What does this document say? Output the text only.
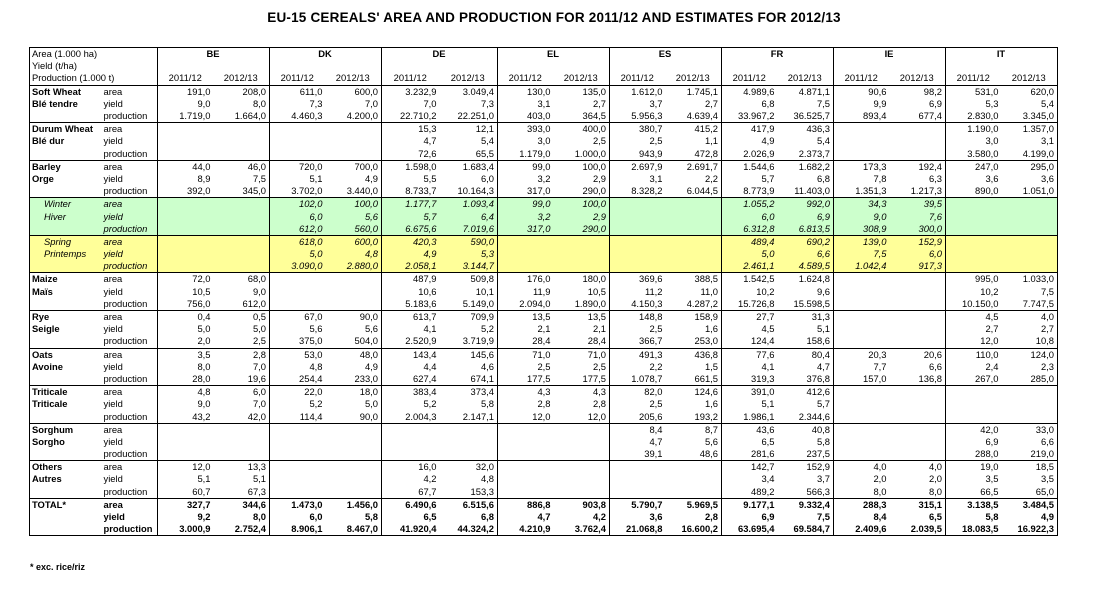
EU-15 CEREALS' AREA AND PRODUCTION FOR 2011/12 AND ESTIMATES FOR 2012/13
Area (1.000 ha)		BE		DK		DE		EL		ES		FR		IE		IT	
Yield (t/ha)																	
Production (1.000 t)		2011/12	2012/13	2011/12	2012/13	2011/12	2012/13	2011/12	2012/13	2011/12	2012/13	2011/12	2012/13	2011/12	2012/13	2011/12	2012/13
Soft Wheat	area	191,0	208,0	611,0	600,0	3.232,9	3.049,4	130,0	135,0	1.612,0	1.745,1	4.989,6	4.871,1	90,6	98,2	531,0	620,0
Blé tendre	yield	9,0	8,0	7,3	7,0	7,0	7,3	3,1	2,7	3,7	2,7	6,8	7,5	9,9	6,9	5,3	5,4
	production	1.719,0	1.664,0	4.460,3	4.200,0	22.710,2	22.251,0	403,0	364,5	5.956,3	4.639,4	33.967,2	36.525,7	893,4	677,4	2.830,0	3.345,0
Durum Wheat	area					15,3	12,1	393,0	400,0	380,7	415,2	417,9	436,3			1.190,0	1.357,0
Blé dur	yield					4,7	5,4	3,0	2,5	2,5	1,1	4,9	5,4			3,0	3,1
	production					72,6	65,5	1.179,0	1.000,0	943,9	472,8	2.026,9	2.373,7			3.580,0	4.199,0
Barley	area	44,0	46,0	720,0	700,0	1.598,0	1.683,4	99,0	100,0	2.697,9	2.691,7	1.544,6	1.682,2	173,3	192,4	247,0	295,0
Orge	yield	8,9	7,5	5,1	4,9	5,5	6,0	3,2	2,9	3,1	2,2	5,7	6,8	7,8	6,3	3,6	3,6
	production	392,0	345,0	3.702,0	3.440,0	8.733,7	10.164,3	317,0	290,0	8.328,2	6.044,5	8.773,9	11.403,0	1.351,3	1.217,3	890,0	1.051,0
Winter	area			102,0	100,0	1.177,7	1.093,4	99,0	100,0			1.055,2	992,0	34,3	39,5		
Hiver	yield			6,0	5,6	5,7	6,4	3,2	2,9			6,0	6,9	9,0	7,6		
	production			612,0	560,0	6.675,6	7.019,6	317,0	290,0			6.312,8	6.813,5	308,9	300,0		
Spring	area			618,0	600,0	420,3	590,0					489,4	690,2	139,0	152,9		
Printemps	yield			5,0	4,8	4,9	5,3					5,0	6,6	7,5	6,0		
	production			3.090,0	2.880,0	2.058,1	3.144,7					2.461,1	4.589,5	1.042,4	917,3		
Maize	area	72,0	68,0			487,9	509,8	176,0	180,0	369,6	388,5	1.542,5	1.624,8			995,0	1.033,0
Maïs	yield	10,5	9,0			10,6	10,1	11,9	10,5	11,2	11,0	10,2	9,6			10,2	7,5
	production	756,0	612,0			5.183,6	5.149,0	2.094,0	1.890,0	4.150,3	4.287,2	15.726,8	15.598,5			10.150,0	7.747,5
Rye	area	0,4	0,5	67,0	90,0	613,7	709,9	13,5	13,5	148,8	158,9	27,7	31,3			4,5	4,0
Seigle	yield	5,0	5,0	5,6	5,6	4,1	5,2	2,1	2,1	2,5	1,6	4,5	5,1			2,7	2,7
	production	2,0	2,5	375,0	504,0	2.520,9	3.719,9	28,4	28,4	366,7	253,0	124,4	158,6			12,0	10,8
Oats	area	3,5	2,8	53,0	48,0	143,4	145,6	71,0	71,0	491,3	436,8	77,6	80,4	20,3	20,6	110,0	124,0
Avoine	yield	8,0	7,0	4,8	4,9	4,4	4,6	2,5	2,5	2,2	1,5	4,1	4,7	7,7	6,6	2,4	2,3
	production	28,0	19,6	254,4	233,0	627,4	674,1	177,5	177,5	1.078,7	661,5	319,3	376,8	157,0	136,8	267,0	285,0
Triticale	area	4,8	6,0	22,0	18,0	383,4	373,4	4,3	4,3	82,0	124,6	391,0	412,6				
Triticale	yield	9,0	7,0	5,2	5,0	5,2	5,8	2,8	2,8	2,5	1,6	5,1	5,7				
	production	43,2	42,0	114,4	90,0	2.004,3	2.147,1	12,0	12,0	205,6	193,2	1.986,1	2.344,6				
Sorghum	area									8,4	8,7	43,6	40,8			42,0	33,0
Sorgho	yield									4,7	5,6	6,5	5,8			6,9	6,6
	production									39,1	48,6	281,6	237,5			288,0	219,0
Others	area	12,0	13,3			16,0	32,0					142,7	152,9	4,0	4,0	19,0	18,5
Autres	yield	5,1	5,1			4,2	4,8					3,4	3,7	2,0	2,0	3,5	3,5
	production	60,7	67,3			67,7	153,3					489,2	566,3	8,0	8,0	66,5	65,0
TOTAL*	area	327,7	344,6	1.473,0	1.456,0	6.490,6	6.515,6	886,8	903,8	5.790,7	5.969,5	9.177,1	9.332,4	288,3	315,1	3.138,5	3.484,5
	yield	9,2	8,0	6,0	5,8	6,5	6,8	4,7	4,2	3,6	2,8	6,9	7,5	8,4	6,5	5,8	4,9
	production	3.000,9	2.752,4	8.906,1	8.467,0	41.920,4	44.324,2	4.210,9	3.762,4	21.068,8	16.600,2	63.695,4	69.584,7	2.409,6	2.039,5	18.083,5	16.922,3
* exc. rice/riz
